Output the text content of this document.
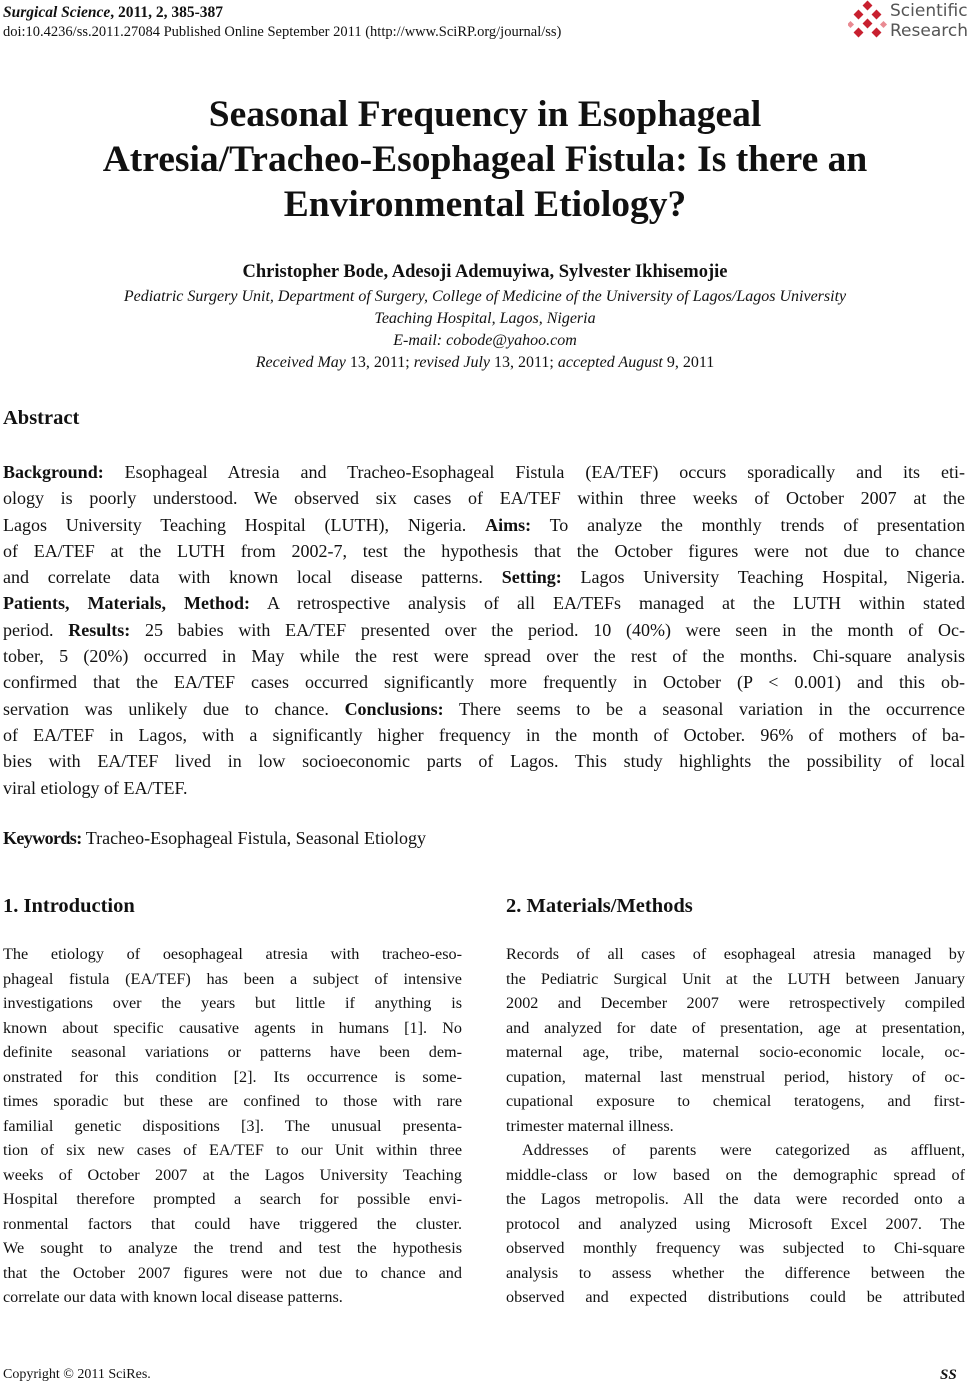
Surgical Science, 2011, 2, 385-387
doi:10.4236/ss.2011.27084 Published Online September 2011 (http://www.SciRP.org/journal/ss)
Scientific
Research
Seasonal Frequency in Esophageal
Atresia/Tracheo-Esophageal Fistula: Is there an
Environmental Etiology?
Christopher Bode, Adesoji Ademuyiwa, Sylvester Ikhisemojie
Pediatric Surgery Unit, Department of Surgery, College of Medicine of the University of Lagos/Lagos University
Teaching Hospital, Lagos, Nigeria
E-mail: cobode@yahoo.com
Received May 13, 2011; revised July 13, 2011; accepted August 9, 2011
Abstract
Background: Esophageal Atresia and Tracheo-Esophageal Fistula (EA/TEF) occurs sporadically and its eti-
ology is poorly understood. We observed six cases of EA/TEF within three weeks of October 2007 at the
Lagos University Teaching Hospital (LUTH), Nigeria. Aims: To analyze the monthly trends of presentation
of EA/TEF at the LUTH from 2002-7, test the hypothesis that the October figures were not due to chance
and correlate data with known local disease patterns. Setting: Lagos University Teaching Hospital, Nigeria.
Patients, Materials, Method: A retrospective analysis of all EA/TEFs managed at the LUTH within stated
period. Results: 25 babies with EA/TEF presented over the period. 10 (40%) were seen in the month of Oc-
tober, 5 (20%) occurred in May while the rest were spread over the rest of the months. Chi-square analysis
confirmed that the EA/TEF cases occurred significantly more frequently in October (P < 0.001) and this ob-
servation was unlikely due to chance. Conclusions: There seems to be a seasonal variation in the occurrence
of EA/TEF in Lagos, with a significantly higher frequency in the month of October. 96% of mothers of ba-
bies with EA/TEF lived in low socioeconomic parts of Lagos. This study highlights the possibility of local
viral etiology of EA/TEF.
Keywords: Tracheo-Esophageal Fistula, Seasonal Etiology
1. Introduction
The etiology of oesophageal atresia with tracheo-eso-
phageal fistula (EA/TEF) has been a subject of intensive
investigations over the years but little if anything is
known about specific causative agents in humans [1]. No
definite seasonal variations or patterns have been dem-
onstrated for this condition [2]. Its occurrence is some-
times sporadic but these are confined to those with rare
familial genetic dispositions [3]. The unusual presenta-
tion of six new cases of EA/TEF to our Unit within three
weeks of October 2007 at the Lagos University Teaching
Hospital therefore prompted a search for possible envi-
ronmental factors that could have triggered the cluster.
We sought to analyze the trend and test the hypothesis
that the October 2007 figures were not due to chance and
correlate our data with known local disease patterns.
2. Materials/Methods
Records of all cases of esophageal atresia managed by
the Pediatric Surgical Unit at the LUTH between January
2002 and December 2007 were retrospectively compiled
and analyzed for date of presentation, age at presentation,
maternal age, tribe, maternal socio-economic locale, oc-
cupation, maternal last menstrual period, history of oc-
cupational exposure to chemical teratogens, and first-
trimester maternal illness.
Addresses of parents were categorized as affluent,
middle-class or low based on the demographic spread of
the Lagos metropolis. All the data were recorded onto a
protocol and analyzed using Microsoft Excel 2007. The
observed monthly frequency was subjected to Chi-square
analysis to assess whether the difference between the
observed and expected distributions could be attributed
Copyright © 2011 SciRes.	SS
